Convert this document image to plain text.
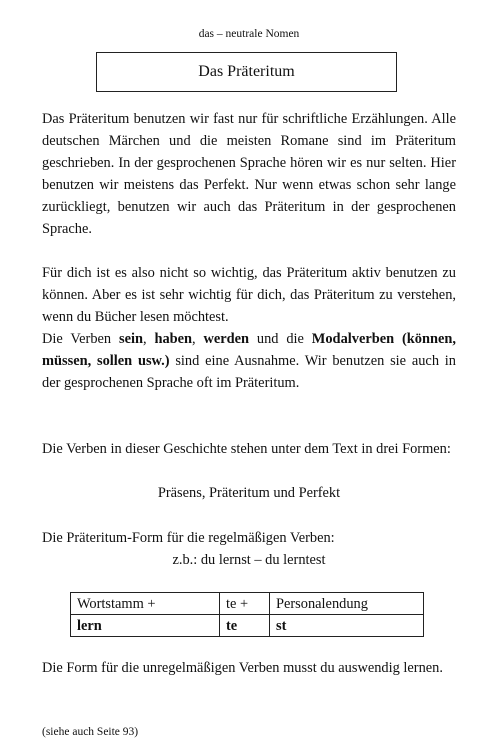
das – neutrale Nomen
Das Präteritum

Das Präteritum benutzen wir fast nur für schriftliche Erzählungen. Alle deutschen Märchen und die meisten Romane sind im Präteritum geschrieben. In der gesprochenen Sprache hören wir es nur selten. Hier benutzen wir meistens das Perfekt. Nur wenn etwas schon sehr lange zurückliegt, benutzen wir auch das Präteritum in der gesprochenen Sprache.

Für dich ist es also nicht so wichtig, das Präteritum aktiv benutzen zu können. Aber es ist sehr wichtig für dich, das Präteritum zu verstehen, wenn du Bücher lesen möchtest.

Die Verben sein, haben, werden und die Modalverben (können, müssen, sollen usw.) sind eine Ausnahme. Wir benutzen sie auch in der gesprochenen Sprache oft im Präteritum.

Die Verben in dieser Geschichte stehen unter dem Text in drei Formen:

Präsens, Präteritum und Perfekt

Die Präteritum-Form für die regelmäßigen Verben:

z.b.: du lernst – du lerntest
Wortstamm +	te +	Personalendung
lern	te	st

Die Form für die unregelmäßigen Verben musst du auswendig lernen.

(siehe auch Seite 93)
